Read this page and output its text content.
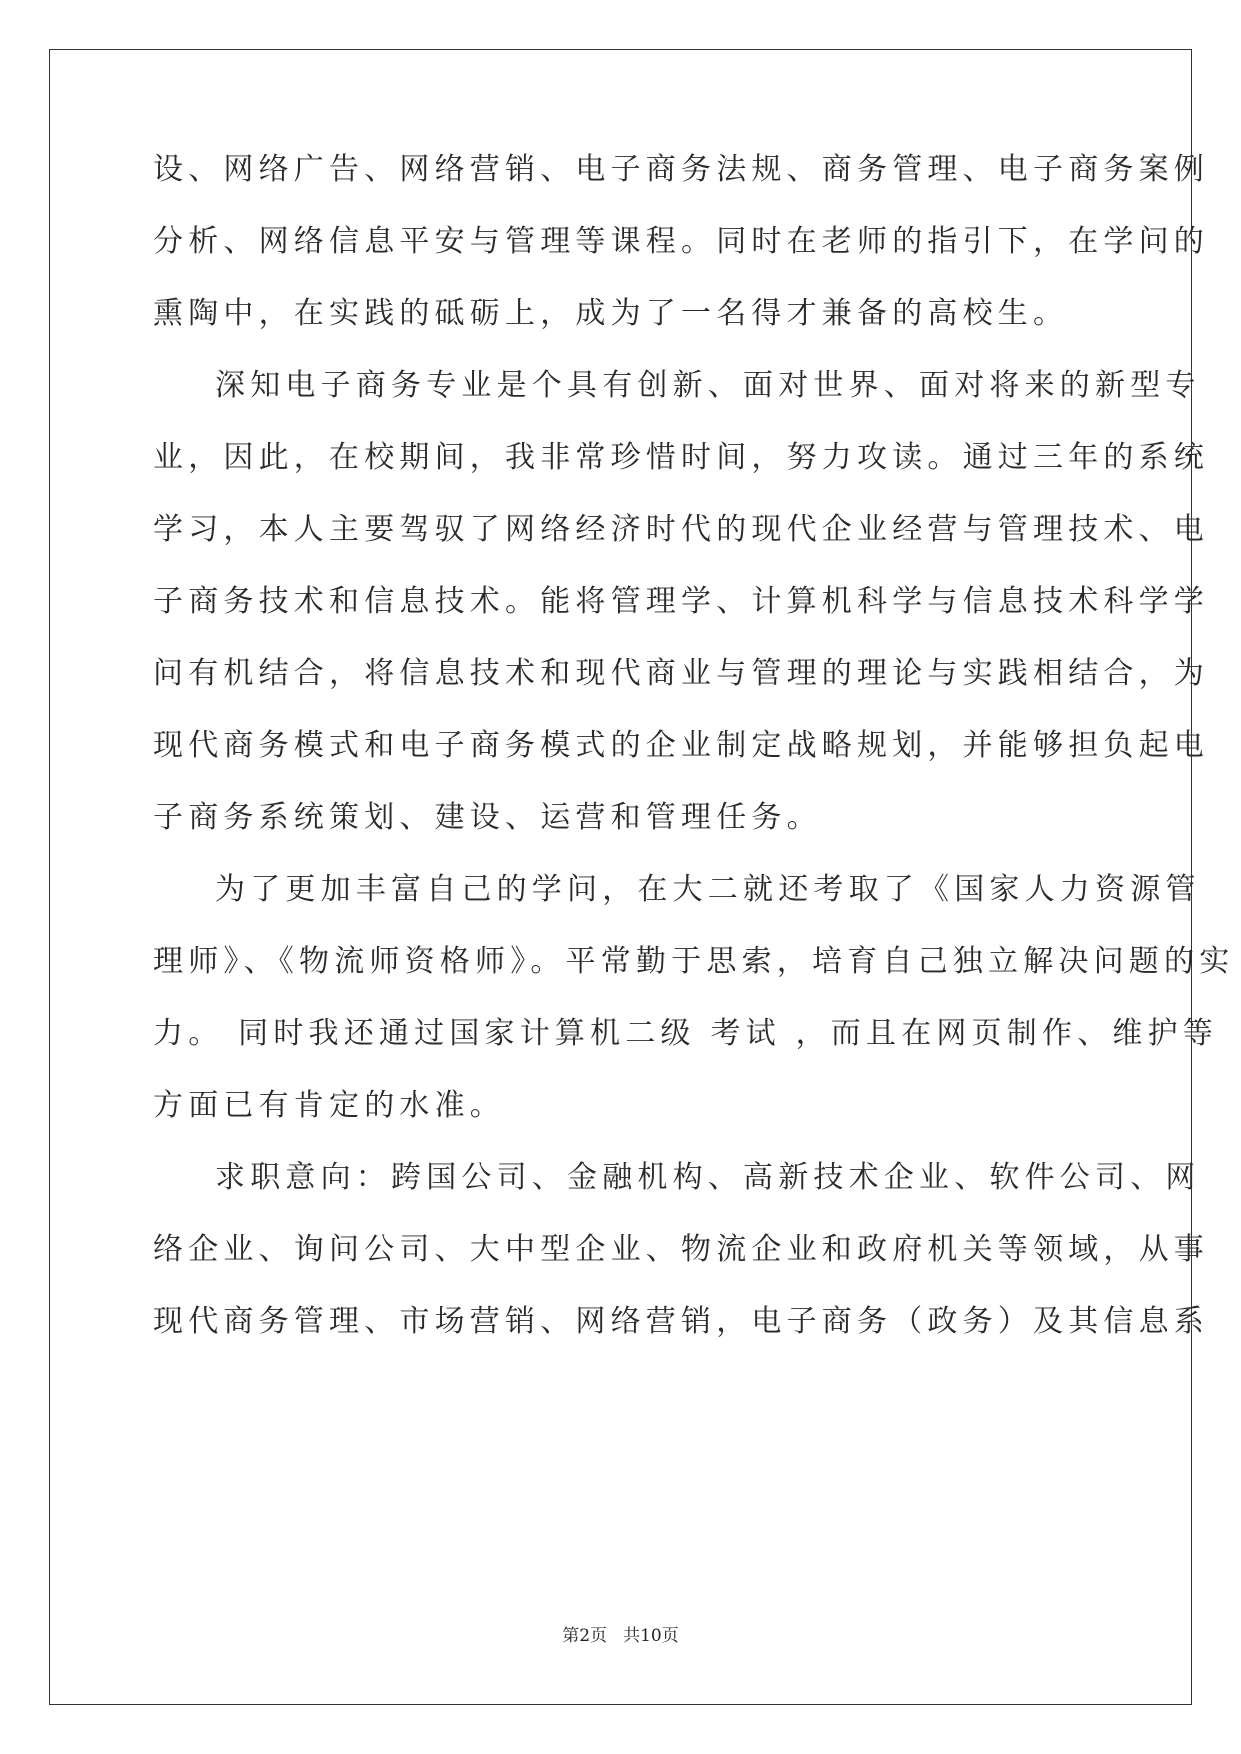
设、网络广告、网络营销、电子商务法规、商务管理、电子商务案例
分析、网络信息平安与管理等课程。同时在老师的指引下，在学问的
熏陶中，在实践的砥砺上，成为了一名得才兼备的高校生。
深知电子商务专业是个具有创新、面对世界、面对将来的新型专
业，因此，在校期间，我非常珍惜时间，努力攻读。通过三年的系统
学习，本人主要驾驭了网络经济时代的现代企业经营与管理技术、电
子商务技术和信息技术。能将管理学、计算机科学与信息技术科学学
问有机结合，将信息技术和现代商业与管理的理论与实践相结合，为
现代商务模式和电子商务模式的企业制定战略规划，并能够担负起电
子商务系统策划、建设、运营和管理任务。
为了更加丰富自己的学问，在大二就还考取了《国家人力资源管
理师》、《物流师资格师》。平常勤于思索，培育自己独立解决问题的实
力。 同时我还通过国家计算机二级 考试 ，而且在网页制作、维护等
方面已有肯定的水准。
求职意向：跨国公司、金融机构、高新技术企业、软件公司、网
络企业、询问公司、大中型企业、物流企业和政府机关等领域，从事
现代商务管理、市场营销、网络营销，电子商务（政务）及其信息系
第2页 共10页
